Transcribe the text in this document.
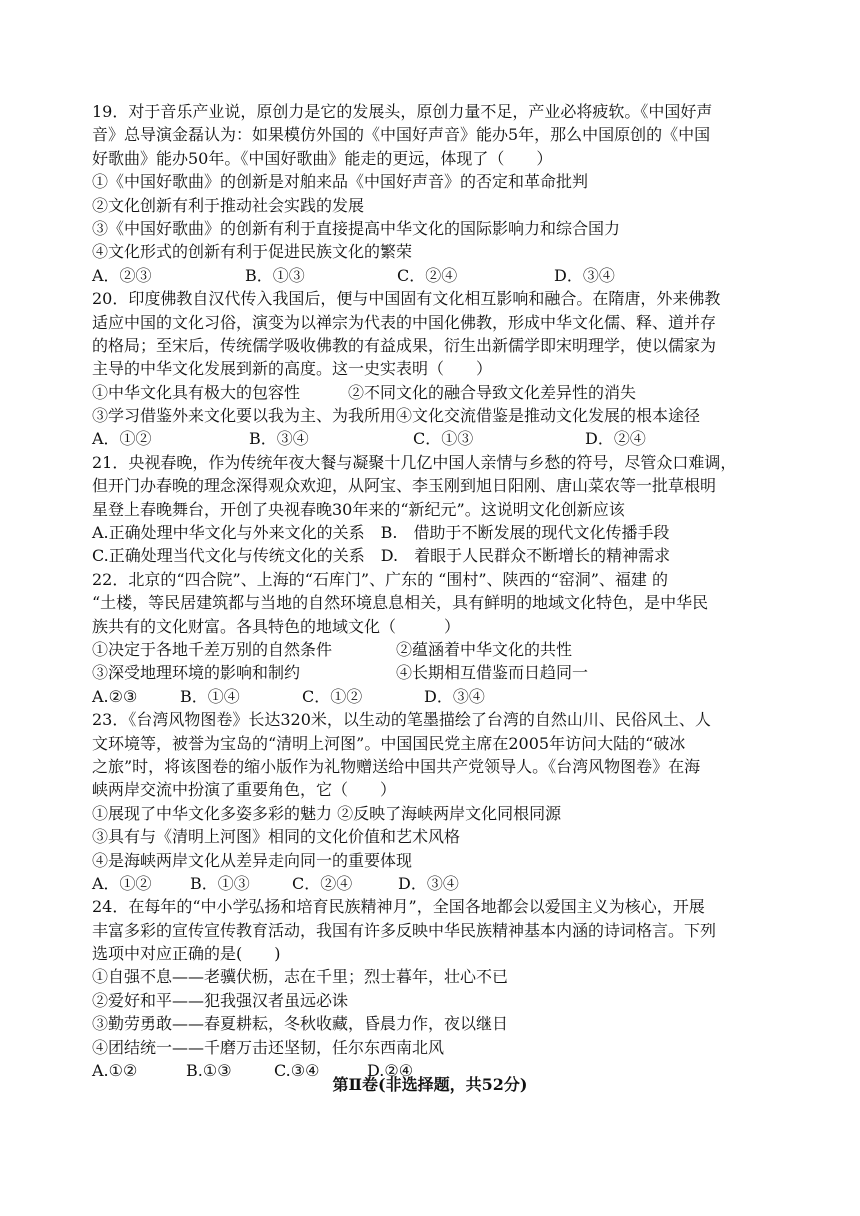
19．对于音乐产业说，原创力是它的发展头，原创力量不足，产业必将疲软。《中国好声
音》总导演金磊认为：如果模仿外国的《中国好声音》能办5年，那么中国原创的《中国
好歌曲》能办50年。《中国好歌曲》能走的更远，体现了（　　）
①《中国好歌曲》的创新是对舶来品《中国好声音》的否定和革命批判
②文化创新有利于推动社会实践的发展
③《中国好歌曲》的创新有利于直接提高中华文化的国际影响力和综合国力
④文化形式的创新有利于促进民族文化的繁荣
A．②③	B．①③	C．②④	D．③④
20．印度佛教自汉代传入我国后，便与中国固有文化相互影响和融合。在隋唐，外来佛教
适应中国的文化习俗，演变为以禅宗为代表的中国化佛教，形成中华文化儒、释、道并存
的格局；至宋后，传统儒学吸收佛教的有益成果，衍生出新儒学即宋明理学，使以儒家为
主导的中华文化发展到新的高度。这一史实表明（　　）
①中华文化具有极大的包容性　　　②不同文化的融合导致文化差异性的消失
③学习借鉴外来文化要以我为主、为我所用④文化交流借鉴是推动文化发展的根本途径
A．①②	B．③④	C．①③	D．②④
21．央视春晚，作为传统年夜大餐与凝聚十几亿中国人亲情与乡愁的符号，尽管众口难调，
但开门办春晚的理念深得观众欢迎，从阿宝、李玉刚到旭日阳刚、唐山菜农等一批草根明
星登上春晚舞台，开创了央视春晚30年来的“新纪元”。这说明文化创新应该
A.正确处理中华文化与外来文化的关系　B.　借助于不断发展的现代文化传播手段
C.正确处理当代文化与传统文化的关系　D.　着眼于人民群众不断增长的精神需求
22．北京的“四合院”、上海的“石库门”、广东的 “围村”、陕西的“窑洞”、福建 的
“土楼，等民居建筑都与当地的自然环境息息相关，具有鲜明的地域文化特色，是中华民
族共有的文化财富。各具特色的地域文化（　　　）
①决定于各地千差万别的自然条件　　　　②蕴涵着中华文化的共性
③深受地理环境的影响和制约　　　　　　④长期相互借鉴而日趋同一
A.②③	B．①④	C．①②	D．③④
23．《台湾风物图卷》长达320米，以生动的笔墨描绘了台湾的自然山川、民俗风土、人
文环境等，被誉为宝岛的“清明上河图”。中国国民党主席在2005年访问大陆的“破冰
之旅”时，将该图卷的缩小版作为礼物赠送给中国共产党领导人。《台湾风物图卷》在海
峡两岸交流中扮演了重要角色，它（　　）
①展现了中华文化多姿多彩的魅力 ②反映了海峡两岸文化同根同源
③具有与《清明上河图》相同的文化价值和艺术风格
④是海峡两岸文化从差异走向同一的重要体现
A．①②	B．①③	C．②④	D．③④
24．在每年的“中小学弘扬和培育民族精神月”，全国各地都会以爱国主义为核心，开展
丰富多彩的宣传宣传教育活动，我国有许多反映中华民族精神基本内涵的诗词格言。下列
选项中对应正确的是(　　)
①自强不息——老骥伏枥，志在千里；烈士暮年，壮心不已
②爱好和平——犯我强汉者虽远必诛
③勤劳勇敢——春夏耕耘，冬秋收藏，昏晨力作，夜以继日
④团结统一——千磨万击还坚韧，任尔东西南北风
A.①②	B.①③	C.③④	D.②④
第Ⅱ卷(非选择题，共52分)
